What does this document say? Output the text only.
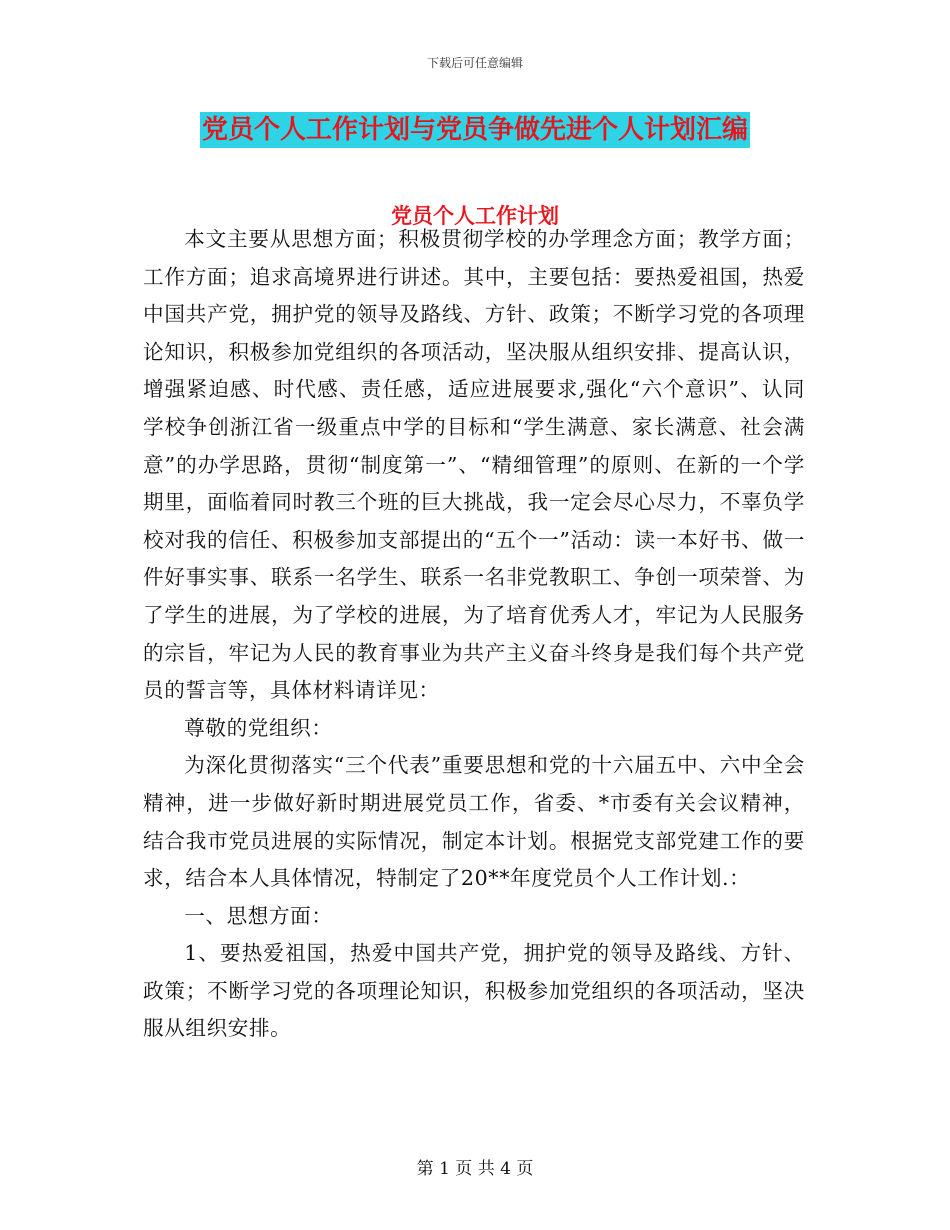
下载后可任意编辑
党员个人工作计划与党员争做先进个人计划汇编
党员个人工作计划

本文主要从思想方面；积极贯彻学校的办学理念方面；教学方面；工作方面；追求高境界进行讲述。其中，主要包括：要热爱祖国，热爱中国共产党，拥护党的领导及路线、方针、政策；不断学习党的各项理论知识，积极参加党组织的各项活动，坚决服从组织安排、提高认识，增强紧迫感、时代感、责任感，适应进展要求,强化“六个意识”、认同学校争创浙江省一级重点中学的目标和“学生满意、家长满意、社会满意”的办学思路，贯彻“制度第一”、“精细管理”的原则、在新的一个学期里，面临着同时教三个班的巨大挑战，我一定会尽心尽力，不辜负学校对我的信任、积极参加支部提出的“五个一”活动：读一本好书、做一件好事实事、联系一名学生、联系一名非党教职工、争创一项荣誉、为了学生的进展，为了学校的进展，为了培育优秀人才，牢记为人民服务的宗旨，牢记为人民的教育事业为共产主义奋斗终身是我们每个共产党员的誓言等，具体材料请详见：

尊敬的党组织：

为深化贯彻落实“三个代表”重要思想和党的十六届五中、六中全会精神，进一步做好新时期进展党员工作，省委、*市委有关会议精神，结合我市党员进展的实际情况，制定本计划。根据党支部党建工作的要求，结合本人具体情况，特制定了20**年度党员个人工作计划.：

一、思想方面：

1、要热爱祖国，热爱中国共产党，拥护党的领导及路线、方针、政策；不断学习党的各项理论知识，积极参加党组织的各项活动，坚决服从组织安排。

第 1 页 共 4 页
